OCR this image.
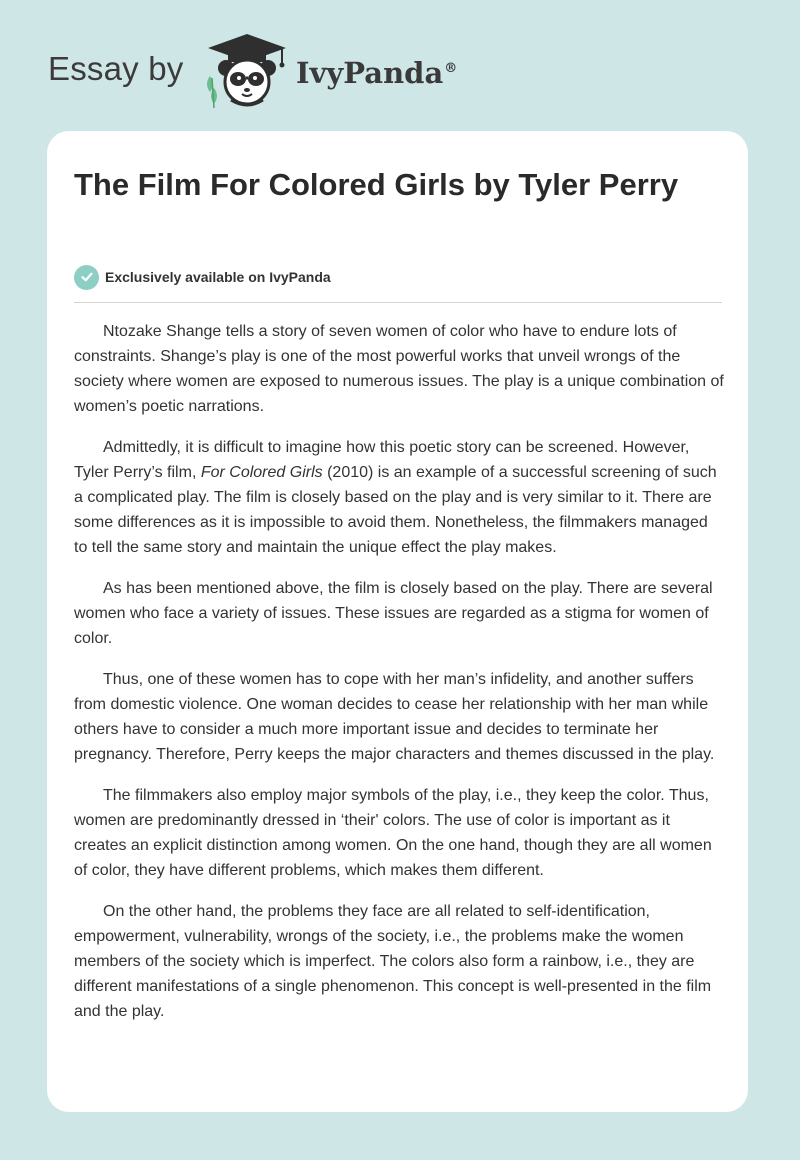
Essay by	IvyPanda®
The Film For Colored Girls by Tyler Perry
Exclusively available on IvyPanda

Ntozake Shange tells a story of seven women of color who have to endure lots of constraints. Shange’s play is one of the most powerful works that unveil wrongs of the society where women are exposed to numerous issues. The play is a unique combination of women’s poetic narrations.

Admittedly, it is difficult to imagine how this poetic story can be screened. However, Tyler Perry’s film, For Colored Girls (2010) is an example of a successful screening of such a complicated play. The film is closely based on the play and is very similar to it. There are some differences as it is impossible to avoid them. Nonetheless, the filmmakers managed to tell the same story and maintain the unique effect the play makes.

As has been mentioned above, the film is closely based on the play. There are several women who face a variety of issues. These issues are regarded as a stigma for women of color.

Thus, one of these women has to cope with her man’s infidelity, and another suffers from domestic violence. One woman decides to cease her relationship with her man while others have to consider a much more important issue and decides to terminate her pregnancy. Therefore, Perry keeps the major characters and themes discussed in the play.

The filmmakers also employ major symbols of the play, i.e., they keep the color. Thus, women are predominantly dressed in ‘their' colors. The use of color is important as it creates an explicit distinction among women. On the one hand, though they are all women of color, they have different problems, which makes them different.

On the other hand, the problems they face are all related to self-identification, empowerment, vulnerability, wrongs of the society, i.e., the problems make the women members of the society which is imperfect. The colors also form a rainbow, i.e., they are different manifestations of a single phenomenon. This concept is well-presented in the film and the play.
